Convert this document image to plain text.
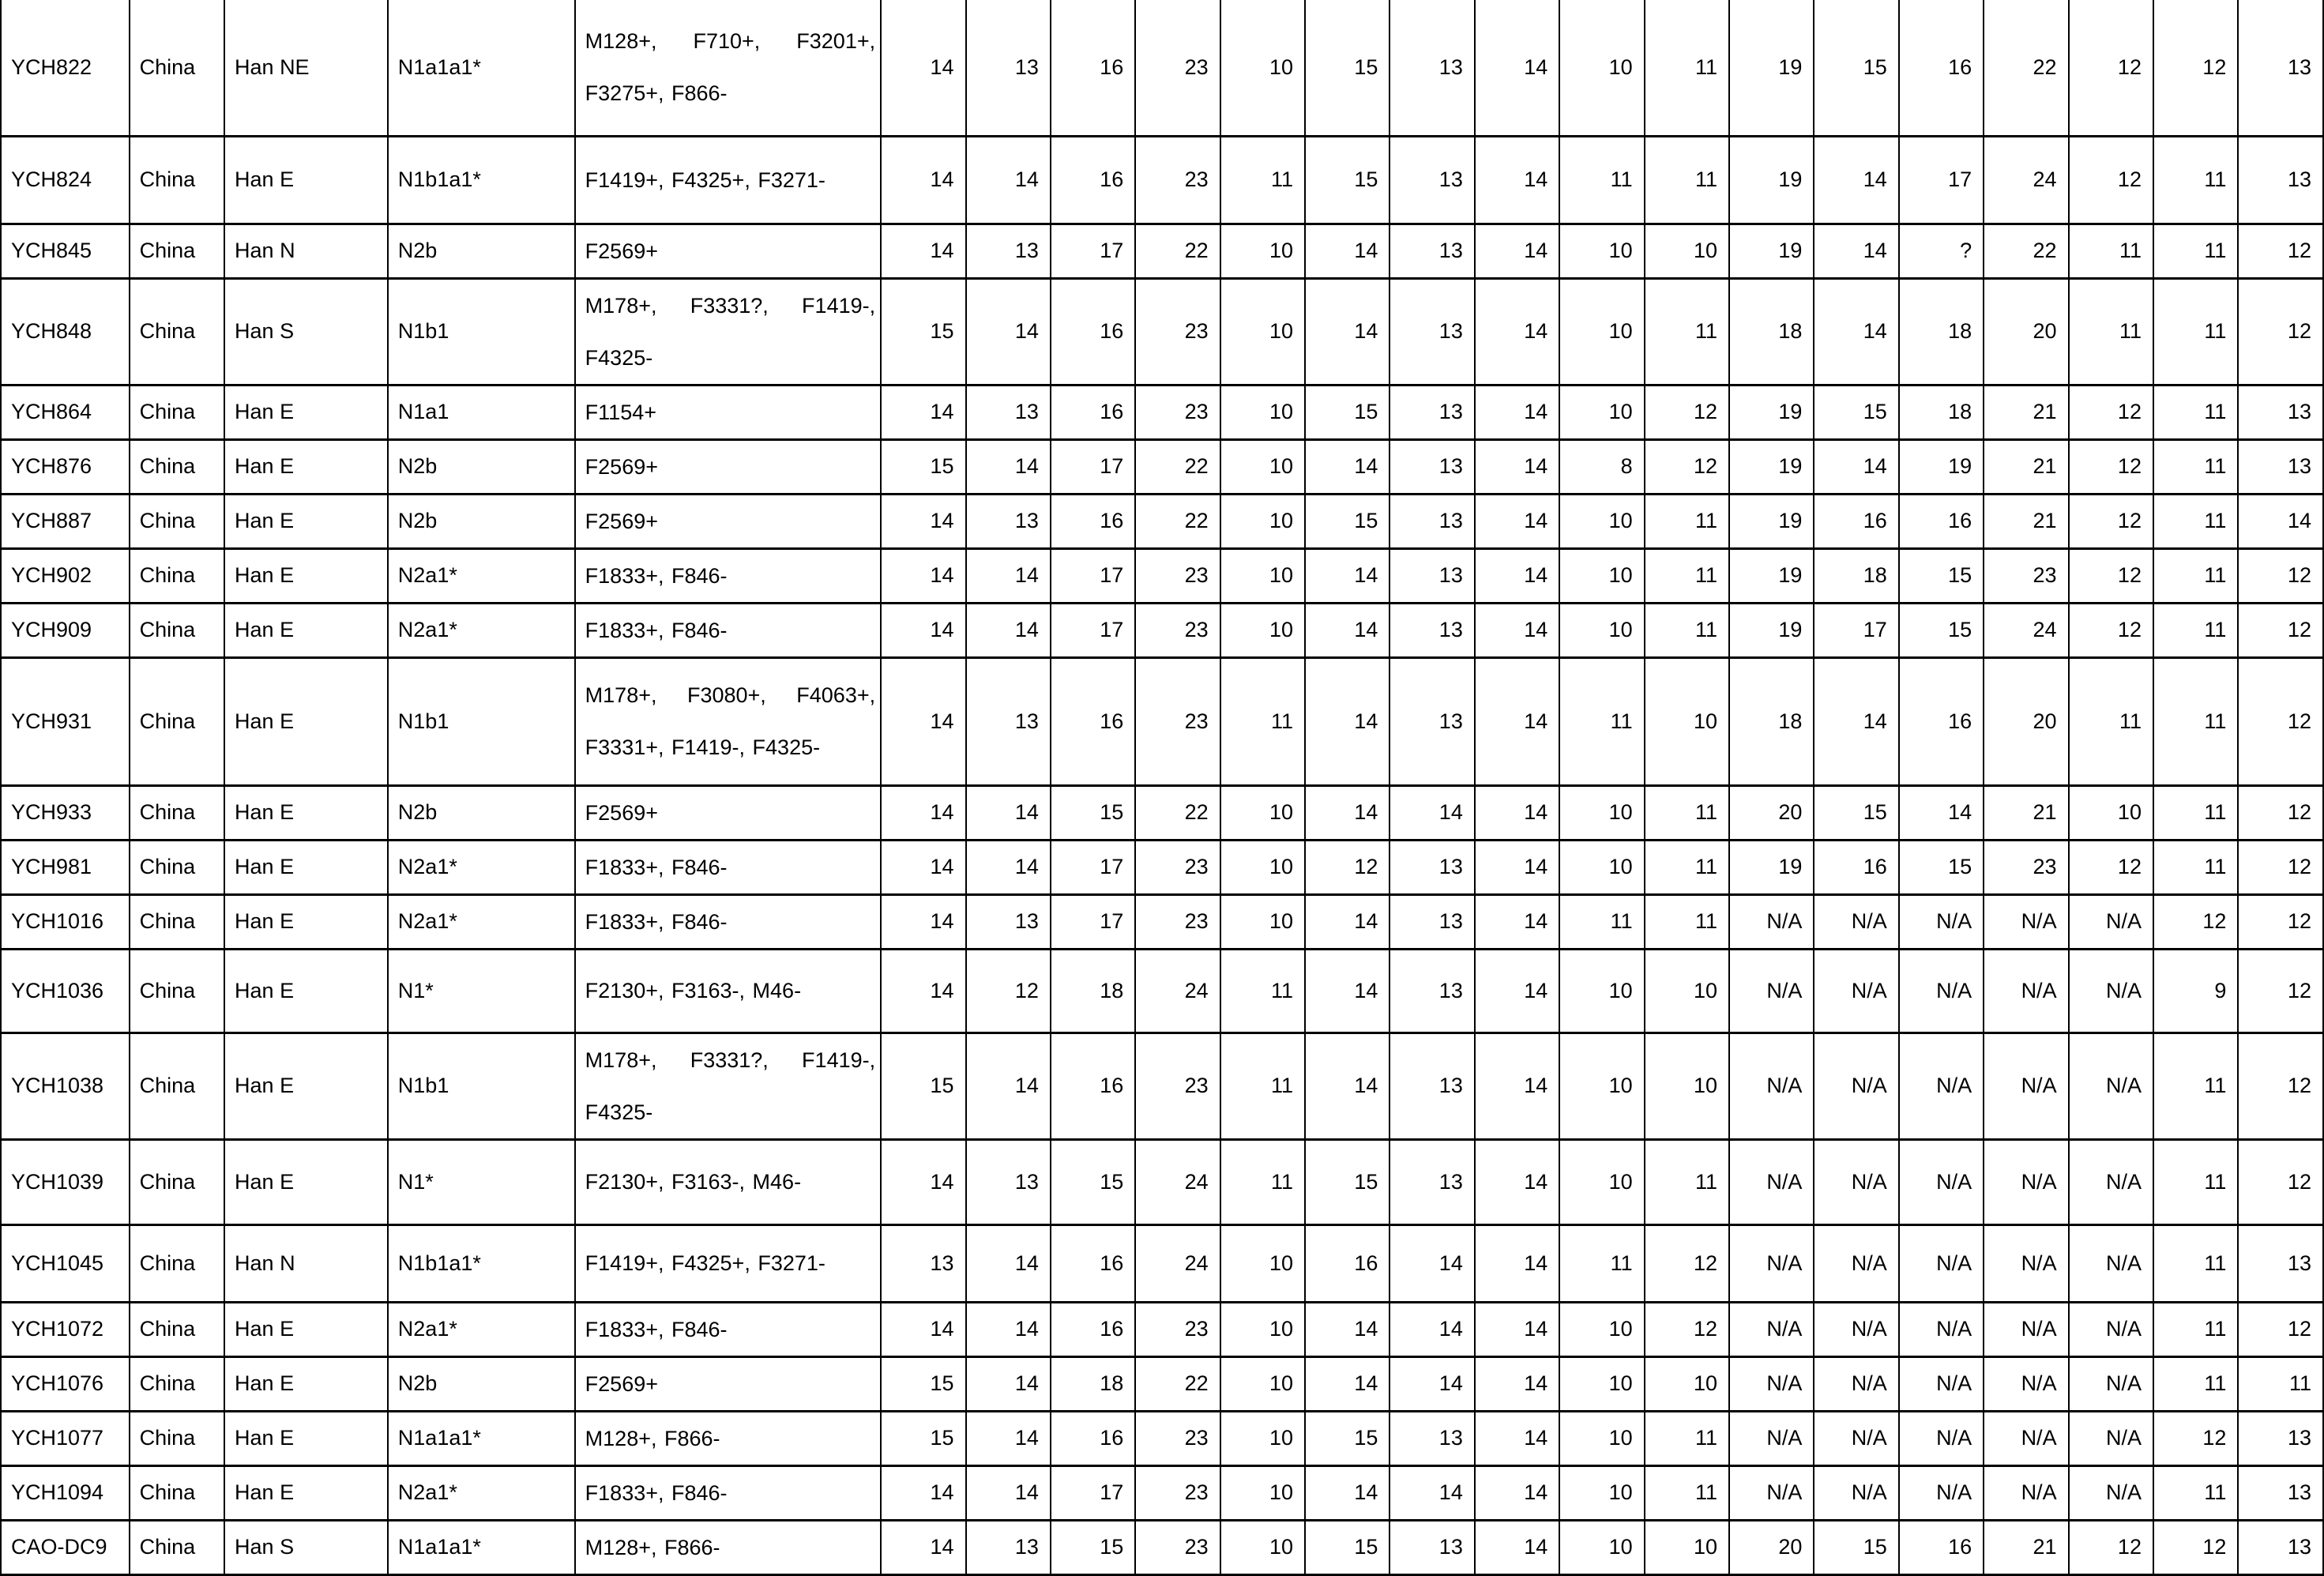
YCH822	China	Han NE	N1a1a1*	M128+, F710+, F3201+, F3275+, F866-	14	13	16	23	10	15	13	14	10	11	19	15	16	22	12	12	13
YCH824	China	Han E	N1b1a1*	F1419+, F4325+, F3271-	14	14	16	23	11	15	13	14	11	11	19	14	17	24	12	11	13
YCH845	China	Han N	N2b	F2569+	14	13	17	22	10	14	13	14	10	10	19	14	?	22	11	11	12
YCH848	China	Han S	N1b1	M178+, F3331?, F1419-, F4325-	15	14	16	23	10	14	13	14	10	11	18	14	18	20	11	11	12
YCH864	China	Han E	N1a1	F1154+	14	13	16	23	10	15	13	14	10	12	19	15	18	21	12	11	13
YCH876	China	Han E	N2b	F2569+	15	14	17	22	10	14	13	14	8	12	19	14	19	21	12	11	13
YCH887	China	Han E	N2b	F2569+	14	13	16	22	10	15	13	14	10	11	19	16	16	21	12	11	14
YCH902	China	Han E	N2a1*	F1833+, F846-	14	14	17	23	10	14	13	14	10	11	19	18	15	23	12	11	12
YCH909	China	Han E	N2a1*	F1833+, F846-	14	14	17	23	10	14	13	14	10	11	19	17	15	24	12	11	12
YCH931	China	Han E	N1b1	M178+, F3080+, F4063+, F3331+, F1419-, F4325-	14	13	16	23	11	14	13	14	11	10	18	14	16	20	11	11	12
YCH933	China	Han E	N2b	F2569+	14	14	15	22	10	14	14	14	10	11	20	15	14	21	10	11	12
YCH981	China	Han E	N2a1*	F1833+, F846-	14	14	17	23	10	12	13	14	10	11	19	16	15	23	12	11	12
YCH1016	China	Han E	N2a1*	F1833+, F846-	14	13	17	23	10	14	13	14	11	11	N/A	N/A	N/A	N/A	N/A	12	12
YCH1036	China	Han E	N1*	F2130+, F3163-, M46-	14	12	18	24	11	14	13	14	10	10	N/A	N/A	N/A	N/A	N/A	9	12
YCH1038	China	Han E	N1b1	M178+, F3331?, F1419-, F4325-	15	14	16	23	11	14	13	14	10	10	N/A	N/A	N/A	N/A	N/A	11	12
YCH1039	China	Han E	N1*	F2130+, F3163-, M46-	14	13	15	24	11	15	13	14	10	11	N/A	N/A	N/A	N/A	N/A	11	12
YCH1045	China	Han N	N1b1a1*	F1419+, F4325+, F3271-	13	14	16	24	10	16	14	14	11	12	N/A	N/A	N/A	N/A	N/A	11	13
YCH1072	China	Han E	N2a1*	F1833+, F846-	14	14	16	23	10	14	14	14	10	12	N/A	N/A	N/A	N/A	N/A	11	12
YCH1076	China	Han E	N2b	F2569+	15	14	18	22	10	14	14	14	10	10	N/A	N/A	N/A	N/A	N/A	11	11
YCH1077	China	Han E	N1a1a1*	M128+, F866-	15	14	16	23	10	15	13	14	10	11	N/A	N/A	N/A	N/A	N/A	12	13
YCH1094	China	Han E	N2a1*	F1833+, F846-	14	14	17	23	10	14	14	14	10	11	N/A	N/A	N/A	N/A	N/A	11	13
CAO-DC9	China	Han S	N1a1a1*	M128+, F866-	14	13	15	23	10	15	13	14	10	10	20	15	16	21	12	12	13
